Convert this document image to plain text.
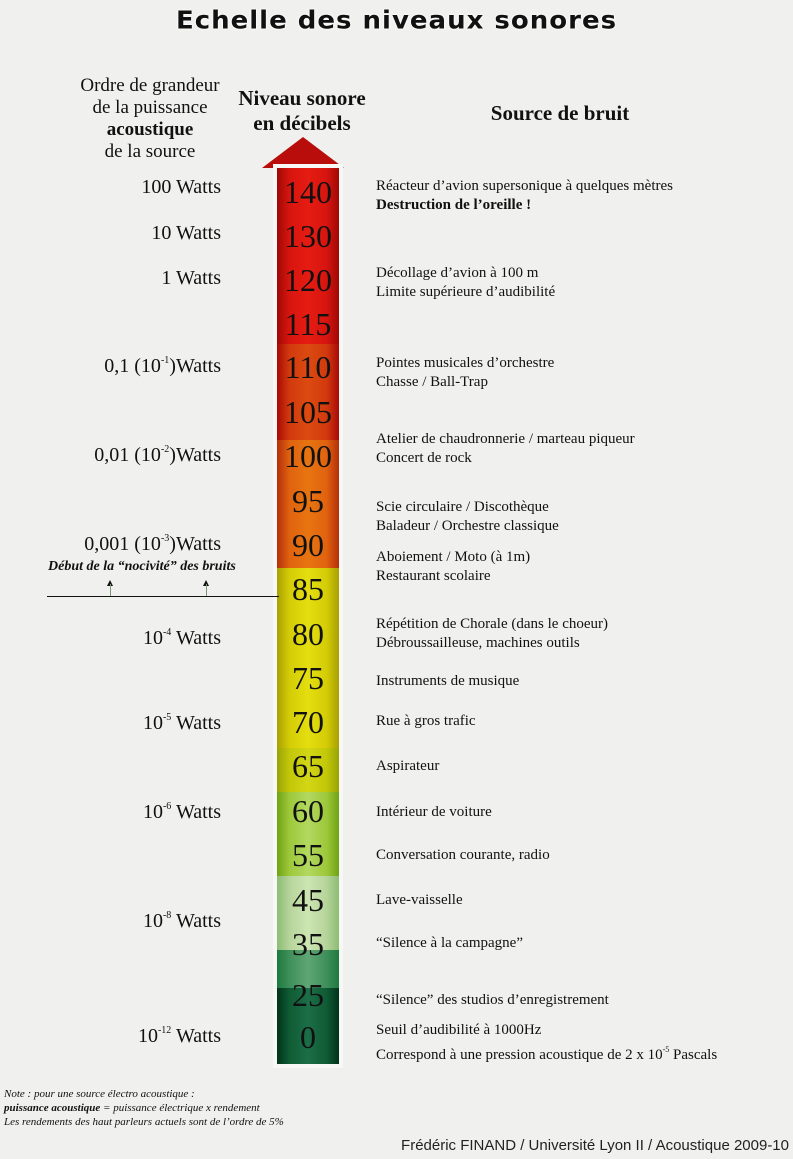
Echelle des niveaux sonores
Ordre de grandeur
de la puissance
acoustique
de la source
Niveau sonore
en décibels	Source de bruit
140
130
120
115
110
105
100
95
90
85
80
75
70
65
60
55
45
35
25
0
100 Watts
10 Watts
1 Watts
0,1 $(10^{-1})Watts$
0,01 $(10^{-2})Watts$
0,001 $(10^{-3})Watts$
$10^{-4}$ Watts
$10^{-5}$ Watts
$10^{-6}$ Watts
$10^{-8}$ Watts
$10^{-12}$ Watts
Début de la “nocivité” des bruits
Réacteur d’avion supersonique à quelques mètres
Destruction de l’oreille !
Décollage d’avion à 100 m
Limite supérieure d’audibilité
Pointes musicales d’orchestre
Chasse / Ball-Trap
Atelier de chaudronnerie / marteau piqueur
Concert de rock
Scie circulaire / Discothèque
Baladeur / Orchestre classique
Aboiement / Moto (à 1m)
Restaurant scolaire
Répétition de Chorale (dans le choeur)
Débroussailleuse, machines outils
Instruments de musique
Rue à gros trafic
Aspirateur
Intérieur de voiture
Conversation courante, radio
Lave-vaisselle
“Silence à la campagne”
“Silence” des studios d’enregistrement
Seuil d’audibilité à 1000Hz
Correspond à une pression acoustique de 2 x $10^{-5}$ Pascals
Note : pour une source électro acoustique :
puissance acoustique = puissance électrique x rendement
Les rendements des haut parleurs actuels sont de l’ordre de 5%
Frédéric FINAND / Université Lyon II / Acoustique 2009-10
